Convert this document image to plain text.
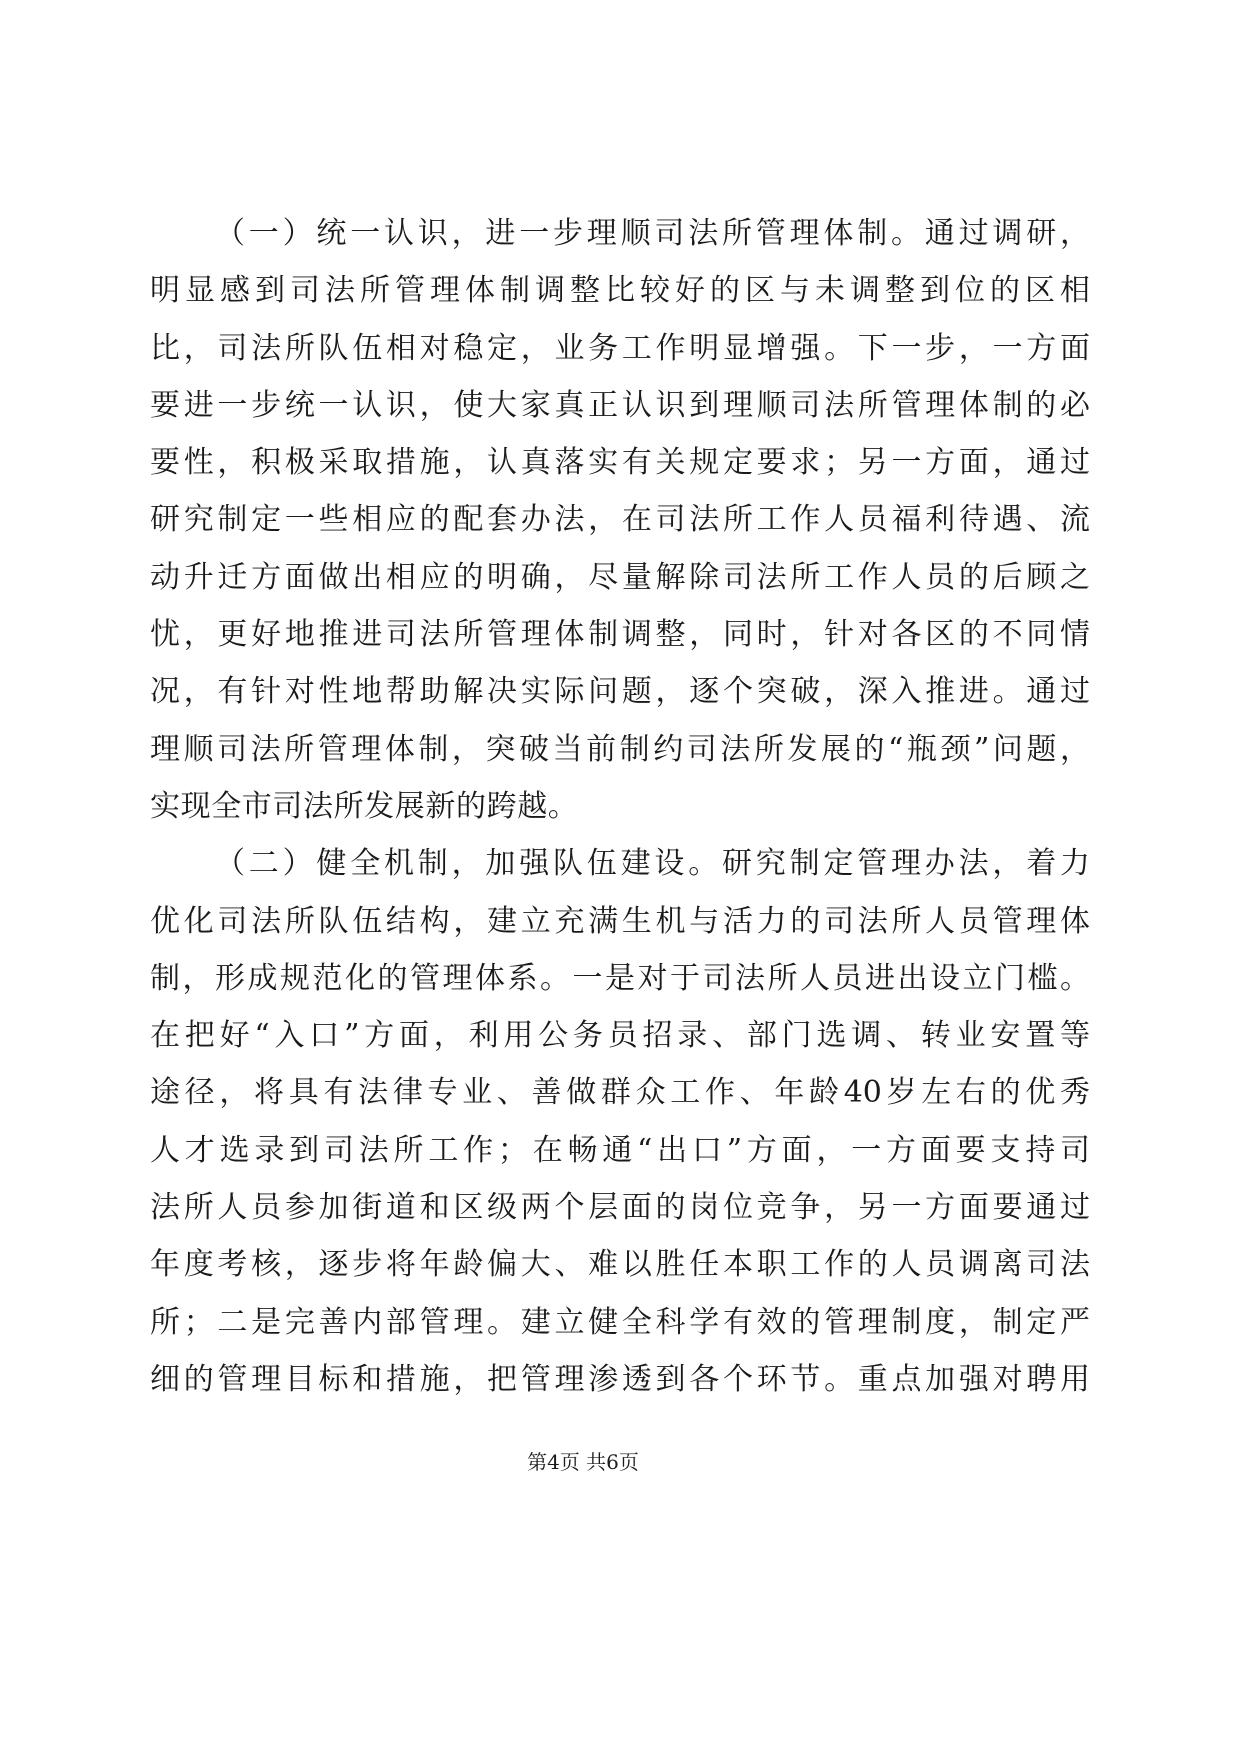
（一）统一认识，进一步理顺司法所管理体制。通过调研，
明显感到司法所管理体制调整比较好的区与未调整到位的区相
比，司法所队伍相对稳定，业务工作明显增强。下一步，一方面
要进一步统一认识，使大家真正认识到理顺司法所管理体制的必
要性，积极采取措施，认真落实有关规定要求；另一方面，通过
研究制定一些相应的配套办法，在司法所工作人员福利待遇、流
动升迁方面做出相应的明确，尽量解除司法所工作人员的后顾之
忧，更好地推进司法所管理体制调整，同时，针对各区的不同情
况，有针对性地帮助解决实际问题，逐个突破，深入推进。通过
理顺司法所管理体制，突破当前制约司法所发展的“瓶颈”问题，
实现全市司法所发展新的跨越。
（二）健全机制，加强队伍建设。研究制定管理办法，着力
优化司法所队伍结构，建立充满生机与活力的司法所人员管理体
制，形成规范化的管理体系。一是对于司法所人员进出设立门槛。
在把好“入口”方面，利用公务员招录、部门选调、转业安置等
途径，将具有法律专业、善做群众工作、年龄40岁左右的优秀
人才选录到司法所工作；在畅通“出口”方面，一方面要支持司
法所人员参加街道和区级两个层面的岗位竞争，另一方面要通过
年度考核，逐步将年龄偏大、难以胜任本职工作的人员调离司法
所；二是完善内部管理。建立健全科学有效的管理制度，制定严
细的管理目标和措施，把管理渗透到各个环节。重点加强对聘用
第4页 共6页
